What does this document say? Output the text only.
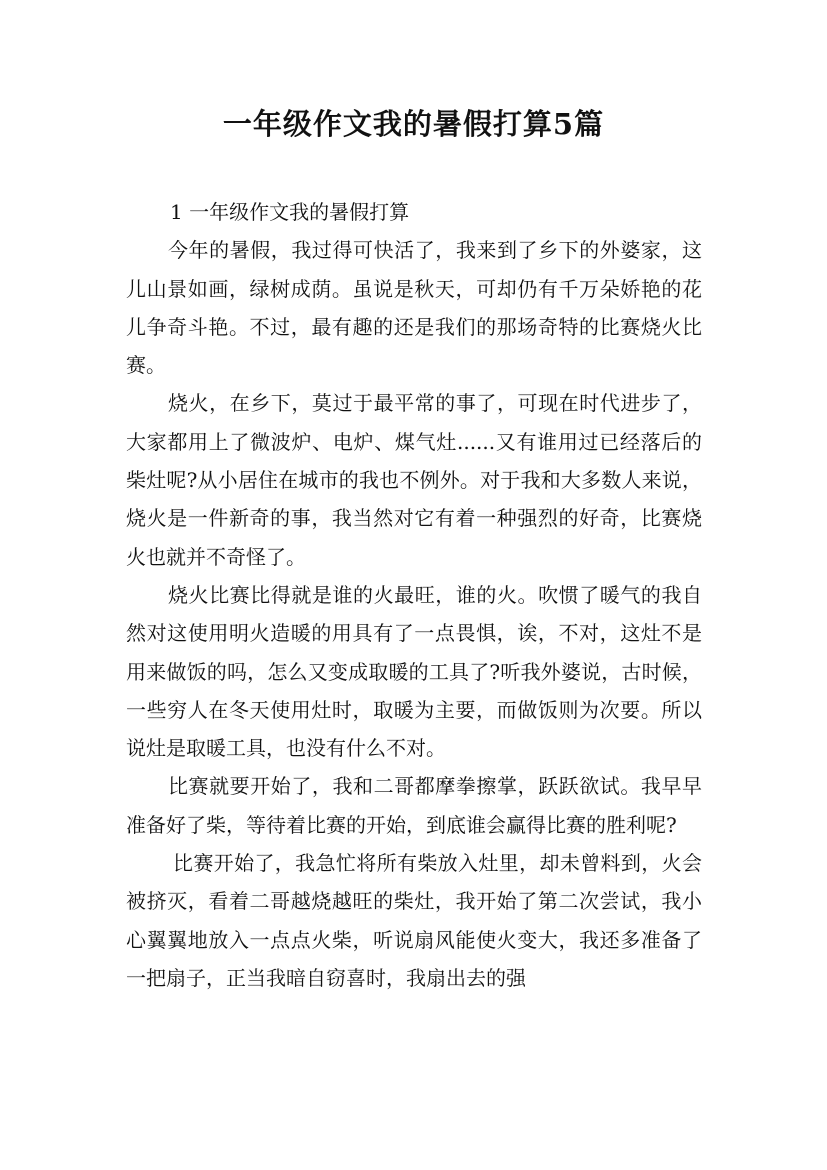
一年级作文我的暑假打算5篇

1 一年级作文我的暑假打算

今年的暑假，我过得可快活了，我来到了乡下的外婆家，这儿山景如画，绿树成荫。虽说是秋天，可却仍有千万朵娇艳的花儿争奇斗艳。不过，最有趣的还是我们的那场奇特的比赛烧火比赛。

烧火，在乡下，莫过于最平常的事了，可现在时代进步了，大家都用上了微波炉、电炉、煤气灶......又有谁用过已经落后的柴灶呢?从小居住在城市的我也不例外。对于我和大多数人来说，烧火是一件新奇的事，我当然对它有着一种强烈的好奇，比赛烧火也就并不奇怪了。

烧火比赛比得就是谁的火最旺，谁的火。吹惯了暖气的我自然对这使用明火造暖的用具有了一点畏惧，诶，不对，这灶不是用来做饭的吗，怎么又变成取暖的工具了?听我外婆说，古时候，一些穷人在冬天使用灶时，取暖为主要，而做饭则为次要。所以说灶是取暖工具，也没有什么不对。

比赛就要开始了，我和二哥都摩拳擦掌，跃跃欲试。我早早准备好了柴，等待着比赛的开始，到底谁会赢得比赛的胜利呢?

比赛开始了，我急忙将所有柴放入灶里，却未曾料到，火会被挤灭，看着二哥越烧越旺的柴灶，我开始了第二次尝试，我小心翼翼地放入一点点火柴，听说扇风能使火变大，我还多准备了一把扇子，正当我暗自窃喜时，我扇出去的强
